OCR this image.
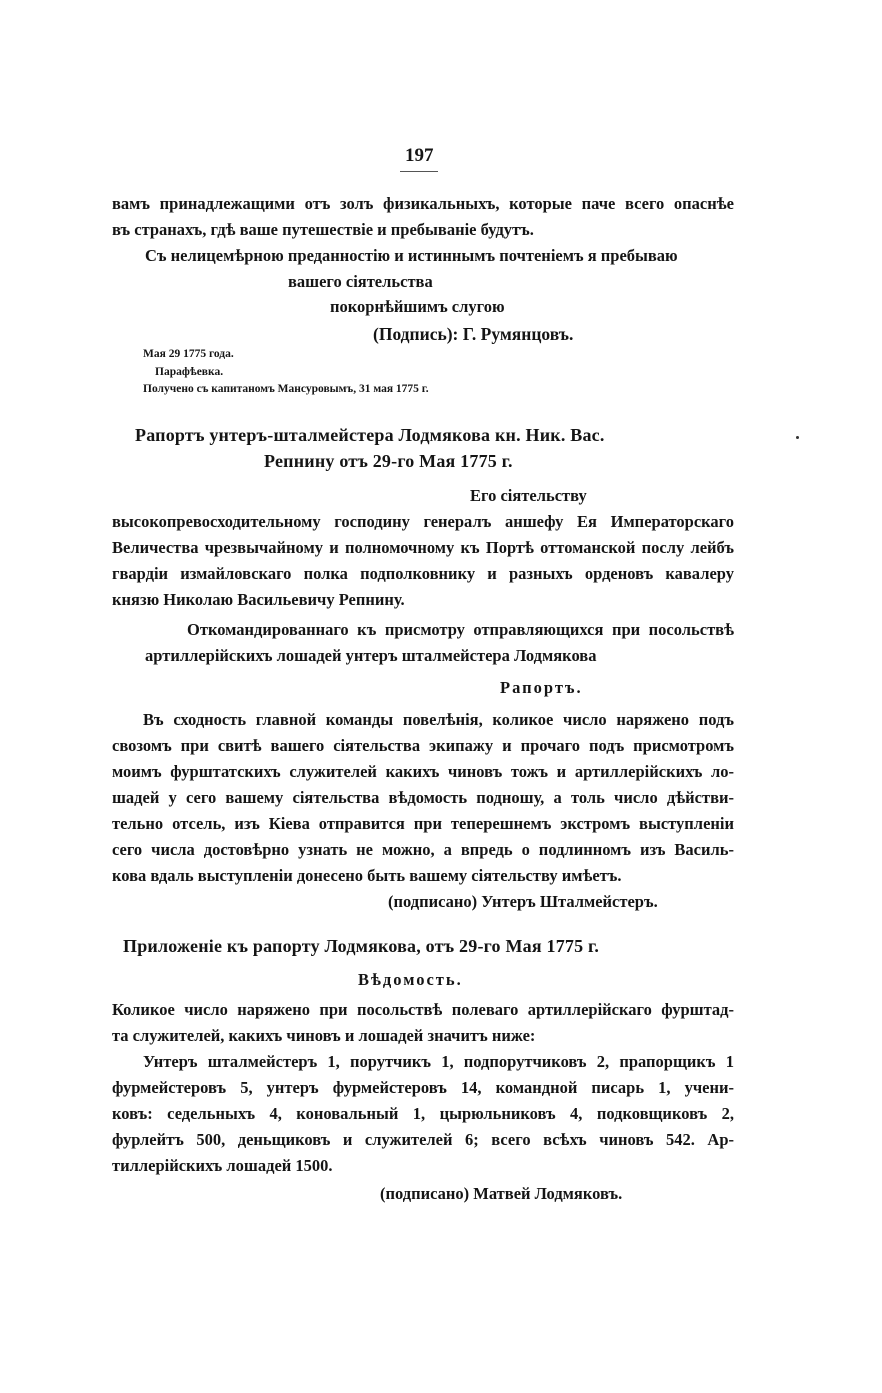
197
вамъ принадлежащими отъ золъ физикальныхъ, которые паче всего опаснѣе
въ странахъ, гдѣ ваше путешествіе и пребываніе будутъ.
Съ нелицемѣрною преданностію и истиннымъ почтеніемъ я пребываю
вашего сіятельства
покорнѣйшимъ слугою
(Подпись): Г. Румянцовъ.
Мая 29 1775 года.
Парафѣевка.
Получено съ капитаномъ Мансуровымъ, 31 мая 1775 г.
Рапортъ унтеръ-шталмейстера Лодмякова кн. Ник. Вас.
Репнину отъ 29-го Мая 1775 г.
Его сіятельству
высокопревосходительному господину генералъ аншефу Ея Императорскаго
Величества чрезвычайному и полномочному къ Портѣ оттоманской послу лейбъ
гвардіи измайловскаго полка подполковнику и разныхъ орденовъ кавалеру
князю Николаю Васильевичу Репнину.
Откомандированнаго къ присмотру отправляющихся при посольствѣ
артиллерійскихъ лошадей унтеръ шталмейстера Лодмякова
Рапортъ.
Въ сходность главной команды повелѣнія, коликое число наряжено подъ
свозомъ при свитѣ вашего сіятельства экипажу и прочаго подъ присмотромъ
моимъ фурштатскихъ служителей какихъ чиновъ тожъ и артиллерійскихъ ло-
шадей у сего вашему сіятельства вѣдомость подношу, а толь число дѣйстви-
тельно отсель, изъ Кіева отправится при теперешнемъ экстромъ выступленіи
сего числа достовѣрно узнать не можно, а впредь о подлинномъ изъ Василь-
кова вдаль выступленіи донесено быть вашему сіятельству имѣетъ.
(подписано) Унтеръ Шталмейстеръ.
Приложеніе къ рапорту Лодмякова, отъ 29-го Мая 1775 г.
Вѣдомость.
Коликое число наряжено при посольствѣ полеваго артиллерійскаго фурштад-
та служителей, какихъ чиновъ и лошадей значитъ ниже:
Унтеръ шталмейстеръ 1, порутчикъ 1, подпорутчиковъ 2, прапорщикъ 1
фурмейстеровъ 5, унтеръ фурмейстеровъ 14, командной писарь 1, учени-
ковъ: седельныхъ 4, коновальный 1, цырюльниковъ 4, подковщиковъ 2,
фурлейтъ 500, деньщиковъ и служителей 6; всего всѣхъ чиновъ 542. Ар-
тиллерійскихъ лошадей 1500.
(подписано) Матвей Лодмяковъ.
